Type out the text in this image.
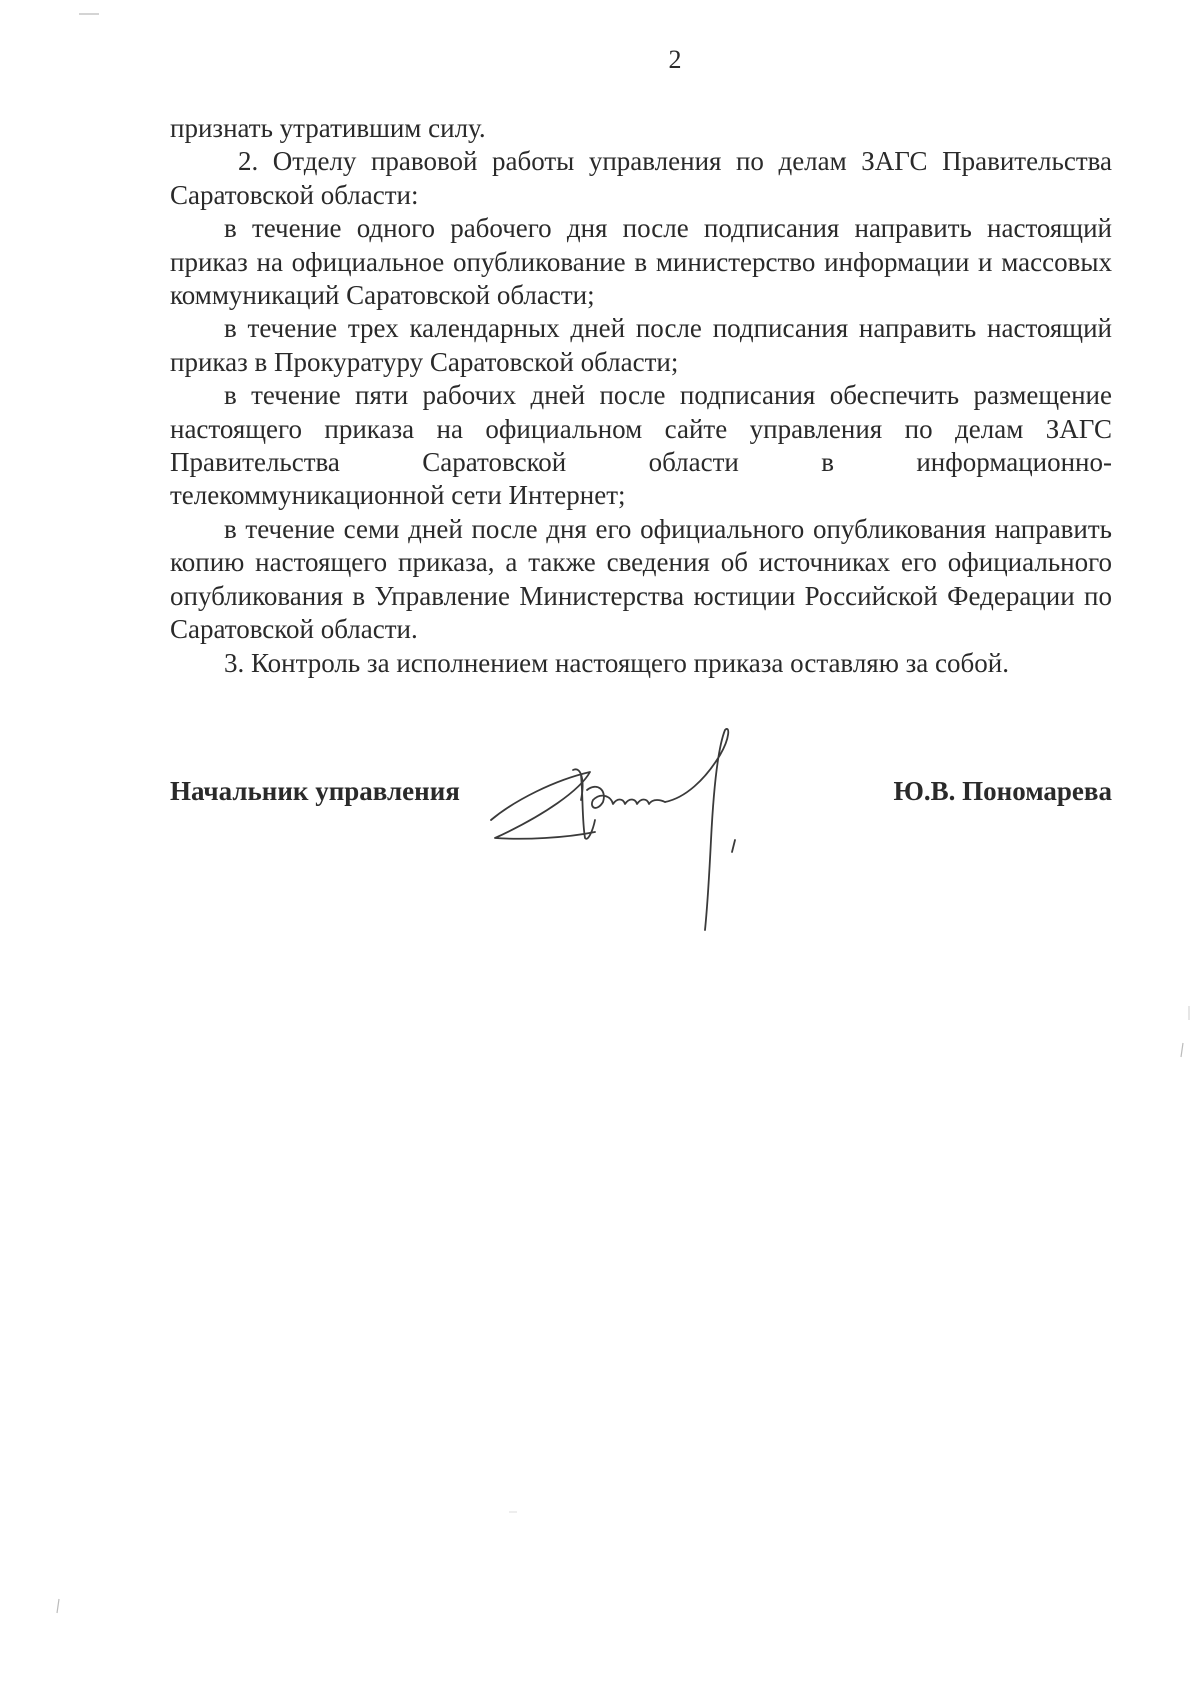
2

признать утратившим силу.

2. Отделу правовой работы управления по делам ЗАГС Правительства Саратовской области:

в течение одного рабочего дня после подписания направить настоящий приказ на официальное опубликование в министерство информации и массовых коммуникаций Саратовской области;

в течение трех календарных дней после подписания направить настоящий приказ в Прокуратуру Саратовской области;

в течение пяти рабочих дней после подписания обеспечить размещение настоящего приказа на официальном сайте управления по делам ЗАГС Правительства Саратовской области в информационно-

телекоммуникационной сети Интернет;

в течение семи дней после дня его официального опубликования направить копию настоящего приказа, а также сведения об источниках его официального опубликования в Управление Министерства юстиции Российской Федерации по Саратовской области.

3. Контроль за исполнением настоящего приказа оставляю за собой.

Начальник управления	Ю.В. Пономарева
